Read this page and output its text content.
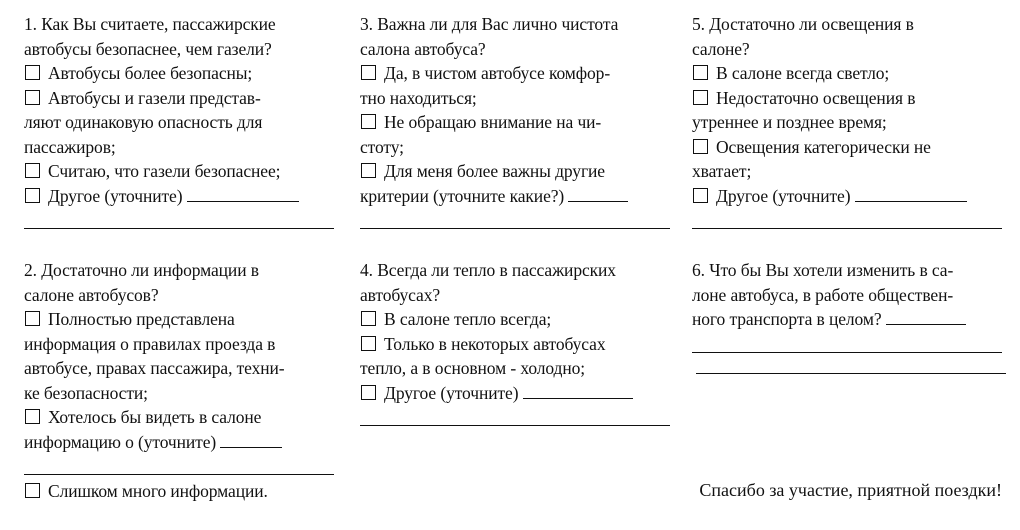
1. Как Вы считаете, пассажирские
автобусы безопаснее, чем газели?
Автобусы более безопасны;
Автобусы и газели представ-
ляют одинаковую опасность для
пассажиров;
Считаю, что газели безопаснее;
Другое (уточните)
3. Важна ли для Вас лично чистота
салона автобуса?
Да, в чистом автобусе комфор-
тно находиться;
Не обращаю внимание на чи-
стоту;
Для меня более важны другие
критерии (уточните какие?)
5. Достаточно ли освещения в
салоне?
В салоне всегда светло;
Недостаточно освещения в
утреннее и позднее время;
Освещения категорически не
хватает;
Другое (уточните)
2. Достаточно ли информации в
салоне автобусов?
Полностью представлена
информация о правилах проезда в
автобусе, правах пассажира, техни-
ке безопасности;
Хотелось бы видеть в салоне
информацию о (уточните)
Слишком много информации.
4. Всегда ли тепло в пассажирских
автобусах?
В салоне тепло всегда;
Только в некоторых автобусах
тепло, а в основном - холодно;
Другое (уточните)
6. Что бы Вы хотели изменить в са-
лоне автобуса, в работе обществен-
ного транспорта в целом?
Спасибо за участие, приятной поездки!
